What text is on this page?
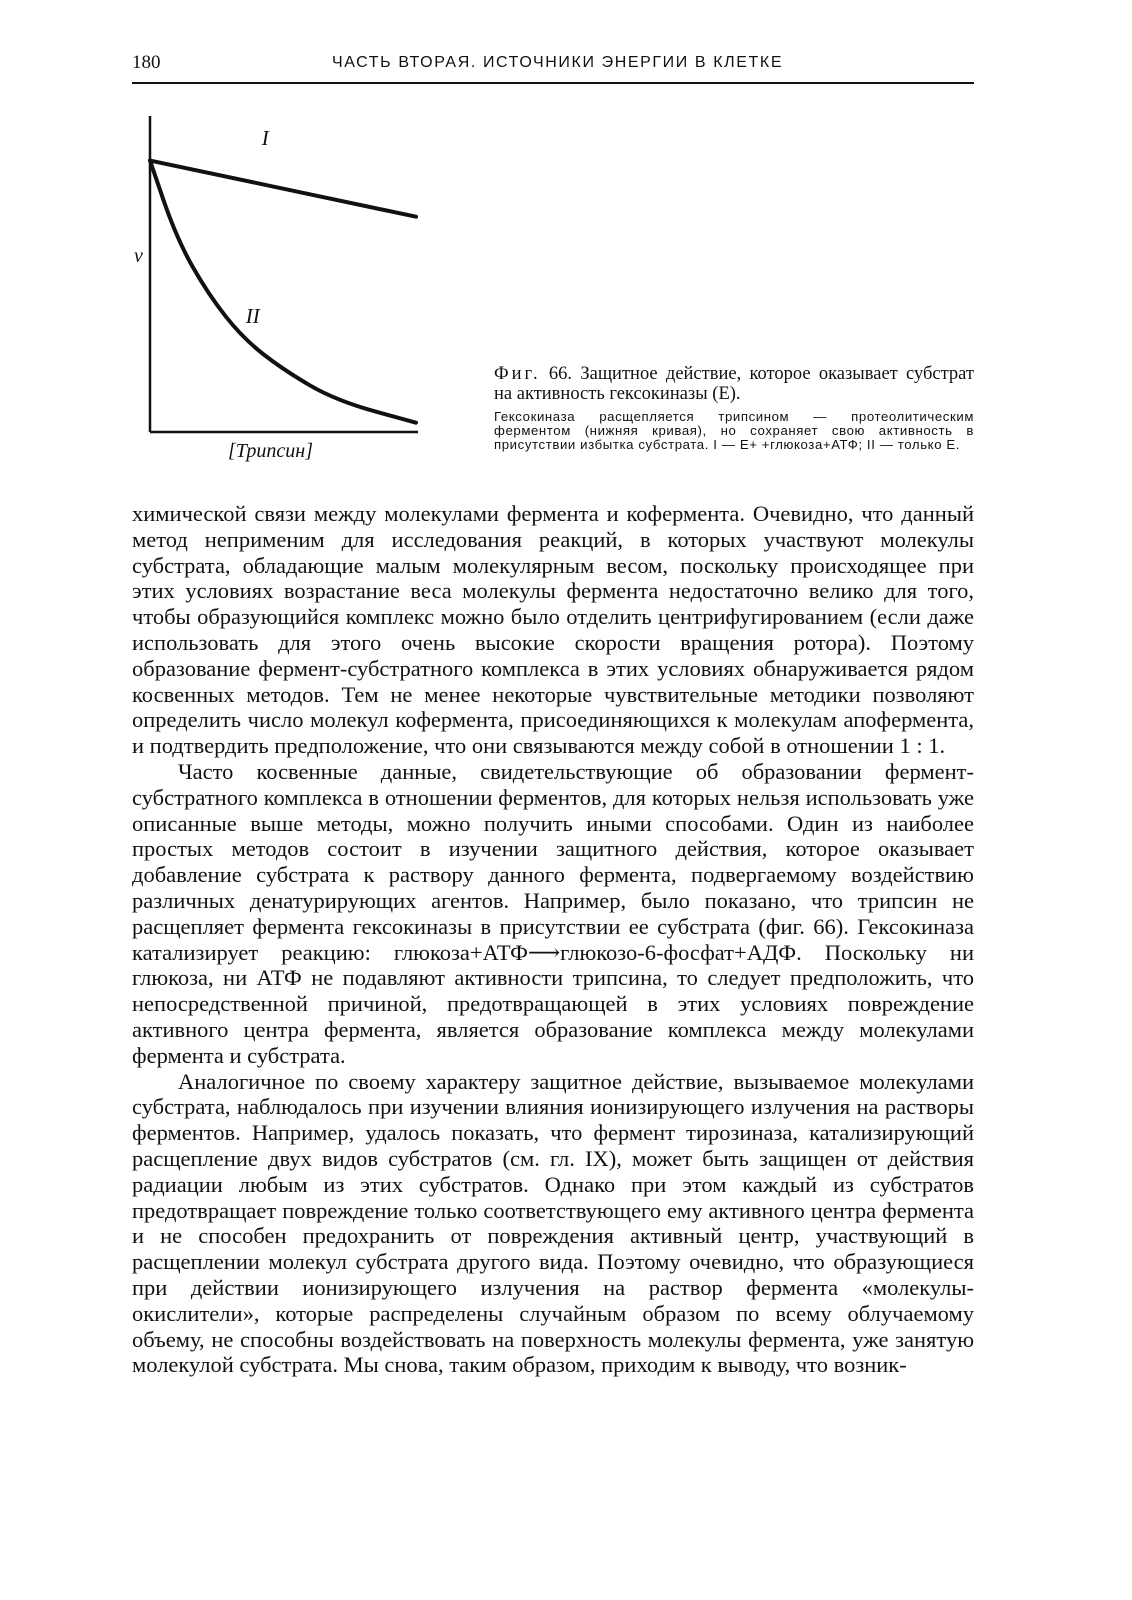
180	ЧАСТЬ ВТОРАЯ. ИСТОЧНИКИ ЭНЕРГИИ В КЛЕТКЕ
v
I
II
[Трипсин]
Фиг. 66. Защитное действие, которое оказывает субстрат на активность гексокиназы (Е).
Гексокиназа расщепляется трипсином — протеолитическим ферментом (нижняя кривая), но сохраняет свою активность в присутствии избытка субстрата. I — Е+ +глюкоза+АТФ; II — только Е.

химической связи между молекулами фермента и кофермента. Очевидно, что данный метод неприменим для исследования реакций, в которых участвуют молекулы субстрата, обладающие малым молекулярным весом, поскольку происходящее при этих условиях возрастание веса молекулы фермента недостаточно велико для того, чтобы образующийся комплекс можно было отделить центрифугированием (если даже использовать для этого очень высокие скорости вращения ротора). Поэтому образование фермент-субстратного комплекса в этих условиях обнаруживается рядом косвенных методов. Тем не менее некоторые чувствительные методики позволяют определить число молекул кофермента, присоединяющихся к молекулам апофермента, и подтвердить предположение, что они связываются между собой в отношении 1 : 1.

Часто косвенные данные, свидетельствующие об образовании фермент-субстратного комплекса в отношении ферментов, для которых нельзя использовать уже описанные выше методы, можно получить иными способами. Один из наиболее простых методов состоит в изучении защитного действия, которое оказывает добавление субстрата к раствору данного фермента, подвергаемому воздействию различных денатурирующих агентов. Например, было показано, что трипсин не расщепляет фермента гексокиназы в присутствии ее субстрата (фиг. 66). Гексокиназа катализирует реакцию: глюкоза+АТФ⟶глюкозо-6-фосфат+АДФ. Поскольку ни глюкоза, ни АТФ не подавляют активности трипсина, то следует предположить, что непосредственной причиной, предотвращающей в этих условиях повреждение активного центра фермента, является образование комплекса между молекулами фермента и субстрата.

Аналогичное по своему характеру защитное действие, вызываемое молекулами субстрата, наблюдалось при изучении влияния ионизирующего излучения на растворы ферментов. Например, удалось показать, что фермент тирозиназа, катализирующий расщепление двух видов субстратов (см. гл. IX), может быть защищен от действия радиации любым из этих субстратов. Однако при этом каждый из субстратов предотвращает повреждение только соответствующего ему активного центра фермента и не способен предохранить от повреждения активный центр, участвующий в расщеплении молекул субстрата другого вида. Поэтому очевидно, что образующиеся при действии ионизирующего излучения на раствор фермента «молекулы-окислители», которые распределены случайным образом по всему облучаемому объему, не способны воздействовать на поверхность молекулы фермента, уже занятую молекулой субстрата. Мы снова, таким образом, приходим к выводу, что возник-
